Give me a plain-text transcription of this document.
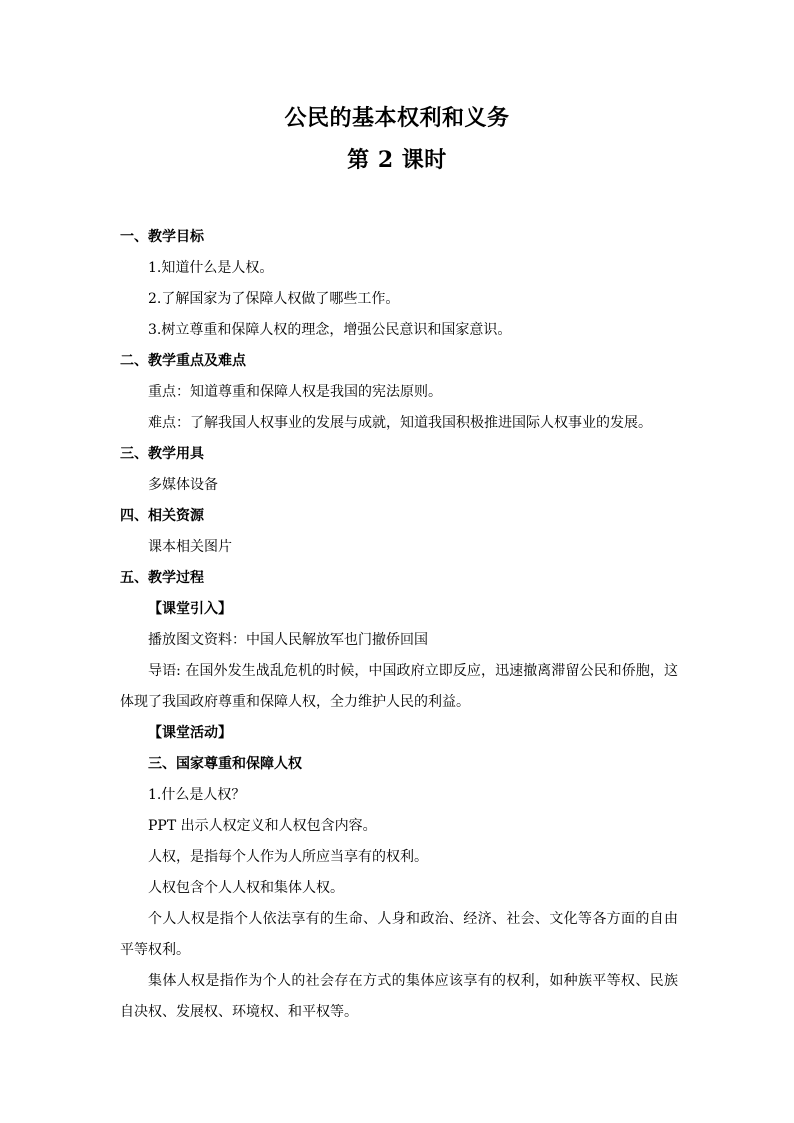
公民的基本权利和义务
第 2 课时
一、教学目标
1.知道什么是人权。
2.了解国家为了保障人权做了哪些工作。
3.树立尊重和保障人权的理念，增强公民意识和国家意识。
二、教学重点及难点
重点：知道尊重和保障人权是我国的宪法原则。
难点：了解我国人权事业的发展与成就，知道我国积极推进国际人权事业的发展。
三、教学用具
多媒体设备
四、相关资源
课本相关图片
五、教学过程
【课堂引入】
播放图文资料：中国人民解放军也门撤侨回国
导语: 在国外发生战乱危机的时候，中国政府立即反应，迅速撤离滞留公民和侨胞，这体现了我国政府尊重和保障人权，全力维护人民的利益。
【课堂活动】
三、国家尊重和保障人权
1.什么是人权？
PPT 出示人权定义和人权包含内容。
人权，是指每个人作为人所应当享有的权利。
人权包含个人人权和集体人权。
个人人权是指个人依法享有的生命、人身和政治、经济、社会、文化等各方面的自由平等权利。
集体人权是指作为个人的社会存在方式的集体应该享有的权利，如种族平等权、民族自决权、发展权、环境权、和平权等。
